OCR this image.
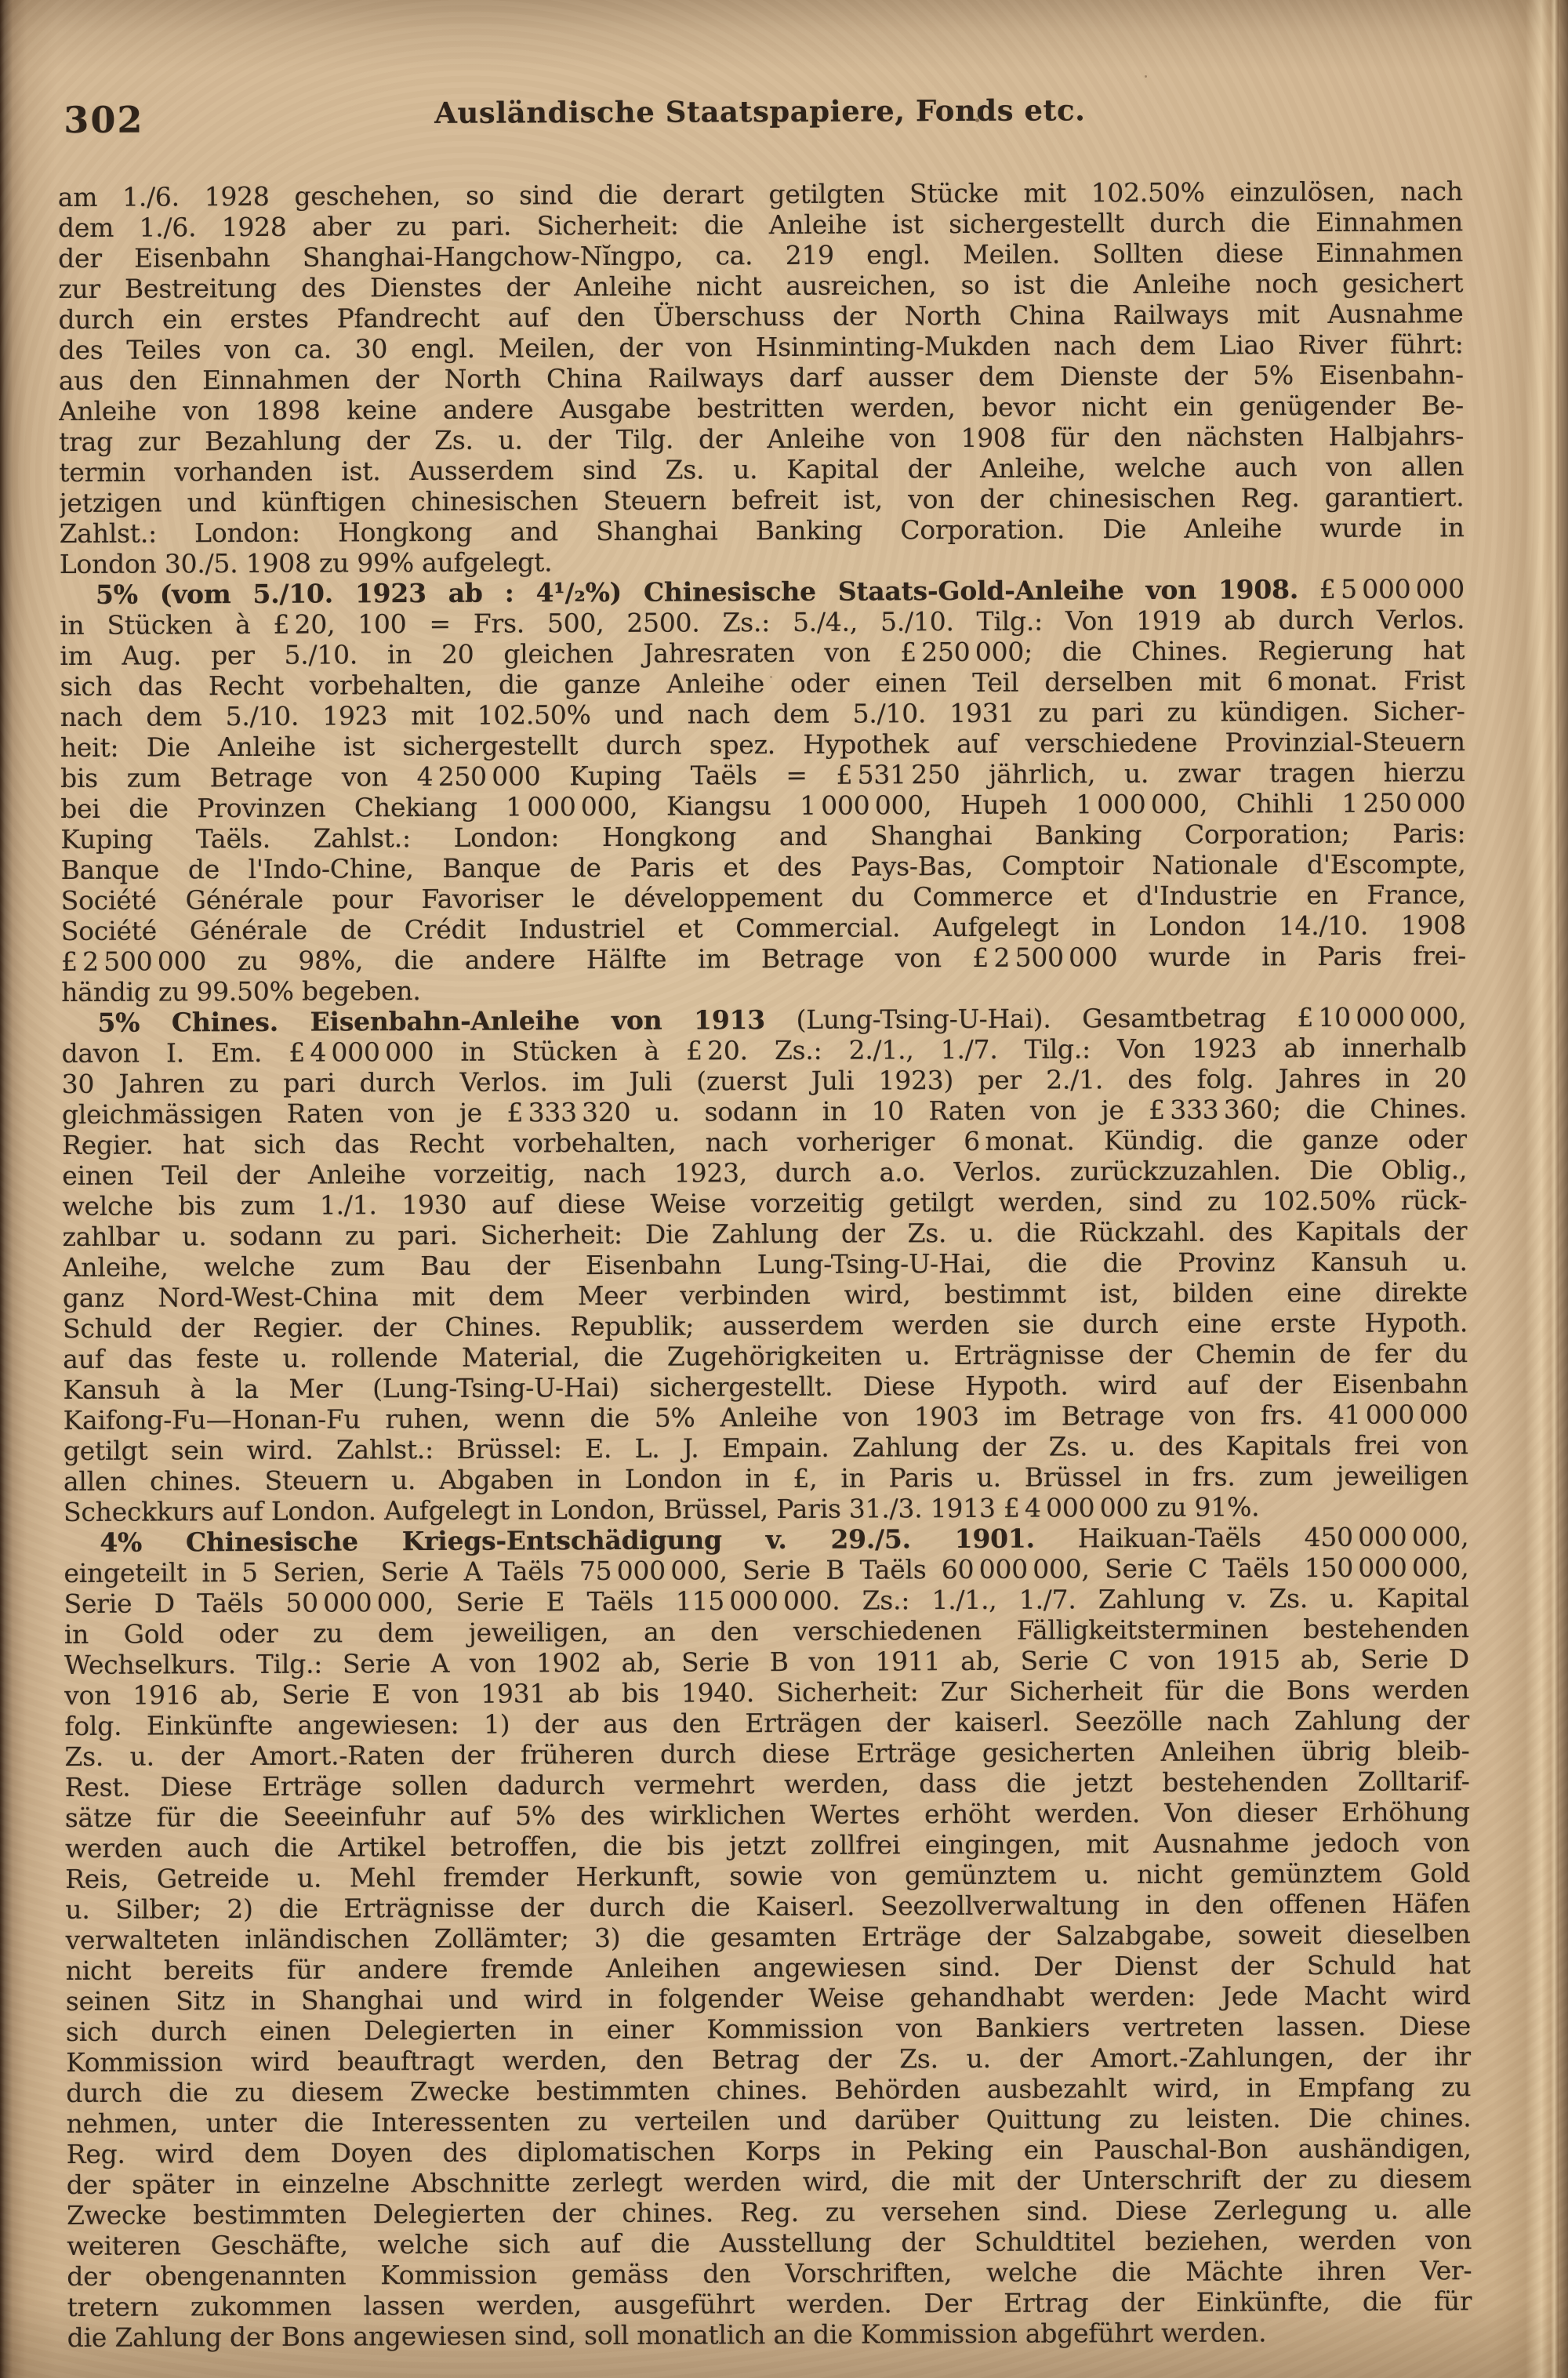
302	Ausländische Staatspapiere, Fonds etc.
am 1./6. 1928 geschehen, so sind die derart getilgten Stücke mit 102.50% einzulösen, nach
dem 1./6. 1928 aber zu pari. Sicherheit: die Anleihe ist sichergestellt durch die Einnahmen
der Eisenbahn Shanghai-Hangchow-Nĭngpo, ca. 219 engl. Meilen. Sollten diese Einnahmen
zur Bestreitung des Dienstes der Anleihe nicht ausreichen, so ist die Anleihe noch gesichert
durch ein erstes Pfandrecht auf den Überschuss der North China Railways mit Ausnahme
des Teiles von ca. 30 engl. Meilen, der von Hsinminting-Mukden nach dem Liao River führt:
aus den Einnahmen der North China Railways darf ausser dem Dienste der 5% Eisenbahn-
Anleihe von 1898 keine andere Ausgabe bestritten werden, bevor nicht ein genügender Be-
trag zur Bezahlung der Zs. u. der Tilg. der Anleihe von 1908 für den nächsten Halbjahrs-
termin vorhanden ist. Ausserdem sind Zs. u. Kapital der Anleihe, welche auch von allen
jetzigen und künftigen chinesischen Steuern befreit ist, von der chinesischen Reg. garantiert.
Zahlst.: London: Hongkong and Shanghai Banking Corporation. Die Anleihe wurde in
London 30./5. 1908 zu 99% aufgelegt.
5% (vom 5./10. 1923 ab : 4¹/₂%) Chinesische Staats-Gold-Anleihe von 1908. £ 5 000 000
in Stücken à £ 20, 100 = Frs. 500, 2500. Zs.: 5./4., 5./10. Tilg.: Von 1919 ab durch Verlos.
im Aug. per 5./10. in 20 gleichen Jahresraten von £ 250 000; die Chines. Regierung hat
sich das Recht vorbehalten, die ganze Anleihe oder einen Teil derselben mit 6 monat. Frist
nach dem 5./10. 1923 mit 102.50% und nach dem 5./10. 1931 zu pari zu kündigen. Sicher-
heit: Die Anleihe ist sichergestellt durch spez. Hypothek auf verschiedene Provinzial-Steuern
bis zum Betrage von 4 250 000 Kuping Taëls = £ 531 250 jährlich, u. zwar tragen hierzu
bei die Provinzen Chekiang 1 000 000, Kiangsu 1 000 000, Hupeh 1 000 000, Chihli 1 250 000
Kuping Taëls. Zahlst.: London: Hongkong and Shanghai Banking Corporation; Paris:
Banque de l'Indo-Chine, Banque de Paris et des Pays-Bas, Comptoir Nationale d'Escompte,
Société Générale pour Favoriser le développement du Commerce et d'Industrie en France,
Société Générale de Crédit Industriel et Commercial. Aufgelegt in London 14./10. 1908
£ 2 500 000 zu 98%, die andere Hälfte im Betrage von £ 2 500 000 wurde in Paris frei-
händig zu 99.50% begeben.
5% Chines. Eisenbahn-Anleihe von 1913 (Lung-Tsing-U-Hai). Gesamtbetrag £ 10 000 000,
davon I. Em. £ 4 000 000 in Stücken à £ 20. Zs.: 2./1., 1./7. Tilg.: Von 1923 ab innerhalb
30 Jahren zu pari durch Verlos. im Juli (zuerst Juli 1923) per 2./1. des folg. Jahres in 20
gleichmässigen Raten von je £ 333 320 u. sodann in 10 Raten von je £ 333 360; die Chines.
Regier. hat sich das Recht vorbehalten, nach vorheriger 6 monat. Kündig. die ganze oder
einen Teil der Anleihe vorzeitig, nach 1923, durch a.o. Verlos. zurückzuzahlen. Die Oblig.,
welche bis zum 1./1. 1930 auf diese Weise vorzeitig getilgt werden, sind zu 102.50% rück-
zahlbar u. sodann zu pari. Sicherheit: Die Zahlung der Zs. u. die Rückzahl. des Kapitals der
Anleihe, welche zum Bau der Eisenbahn Lung-Tsing-U-Hai, die die Provinz Kansuh u.
ganz Nord-West-China mit dem Meer verbinden wird, bestimmt ist, bilden eine direkte
Schuld der Regier. der Chines. Republik; ausserdem werden sie durch eine erste Hypoth.
auf das feste u. rollende Material, die Zugehörigkeiten u. Erträgnisse der Chemin de fer du
Kansuh à la Mer (Lung-Tsing-U-Hai) sichergestellt. Diese Hypoth. wird auf der Eisenbahn
Kaifong-Fu—Honan-Fu ruhen, wenn die 5% Anleihe von 1903 im Betrage von frs. 41 000 000
getilgt sein wird. Zahlst.: Brüssel: E. L. J. Empain. Zahlung der Zs. u. des Kapitals frei von
allen chines. Steuern u. Abgaben in London in £, in Paris u. Brüssel in frs. zum jeweiligen
Scheckkurs auf London. Aufgelegt in London, Brüssel, Paris 31./3. 1913 £ 4 000 000 zu 91%.
4% Chinesische Kriegs-Entschädigung v. 29./5. 1901. Haikuan-Taëls 450 000 000,
eingeteilt in 5 Serien, Serie A Taëls 75 000 000, Serie B Taëls 60 000 000, Serie C Taëls 150 000 000,
Serie D Taëls 50 000 000, Serie E Taëls 115 000 000. Zs.: 1./1., 1./7. Zahlung v. Zs. u. Kapital
in Gold oder zu dem jeweiligen, an den verschiedenen Fälligkeitsterminen bestehenden
Wechselkurs. Tilg.: Serie A von 1902 ab, Serie B von 1911 ab, Serie C von 1915 ab, Serie D
von 1916 ab, Serie E von 1931 ab bis 1940. Sicherheit: Zur Sicherheit für die Bons werden
folg. Einkünfte angewiesen: 1) der aus den Erträgen der kaiserl. Seezölle nach Zahlung der
Zs. u. der Amort.-Raten der früheren durch diese Erträge gesicherten Anleihen übrig bleib-
Rest. Diese Erträge sollen dadurch vermehrt werden, dass die jetzt bestehenden Zolltarif-
sätze für die Seeeinfuhr auf 5% des wirklichen Wertes erhöht werden. Von dieser Erhöhung
werden auch die Artikel betroffen, die bis jetzt zollfrei eingingen, mit Ausnahme jedoch von
Reis, Getreide u. Mehl fremder Herkunft, sowie von gemünztem u. nicht gemünztem Gold
u. Silber; 2) die Erträgnisse der durch die Kaiserl. Seezollverwaltung in den offenen Häfen
verwalteten inländischen Zollämter; 3) die gesamten Erträge der Salzabgabe, soweit dieselben
nicht bereits für andere fremde Anleihen angewiesen sind. Der Dienst der Schuld hat
seinen Sitz in Shanghai und wird in folgender Weise gehandhabt werden: Jede Macht wird
sich durch einen Delegierten in einer Kommission von Bankiers vertreten lassen. Diese
Kommission wird beauftragt werden, den Betrag der Zs. u. der Amort.-Zahlungen, der ihr
durch die zu diesem Zwecke bestimmten chines. Behörden ausbezahlt wird, in Empfang zu
nehmen, unter die Interessenten zu verteilen und darüber Quittung zu leisten. Die chines.
Reg. wird dem Doyen des diplomatischen Korps in Peking ein Pauschal-Bon aushändigen,
der später in einzelne Abschnitte zerlegt werden wird, die mit der Unterschrift der zu diesem
Zwecke bestimmten Delegierten der chines. Reg. zu versehen sind. Diese Zerlegung u. alle
weiteren Geschäfte, welche sich auf die Ausstellung der Schuldtitel beziehen, werden von
der obengenannten Kommission gemäss den Vorschriften, welche die Mächte ihren Ver-
tretern zukommen lassen werden, ausgeführt werden. Der Ertrag der Einkünfte, die für
die Zahlung der Bons angewiesen sind, soll monatlich an die Kommission abgeführt werden.
